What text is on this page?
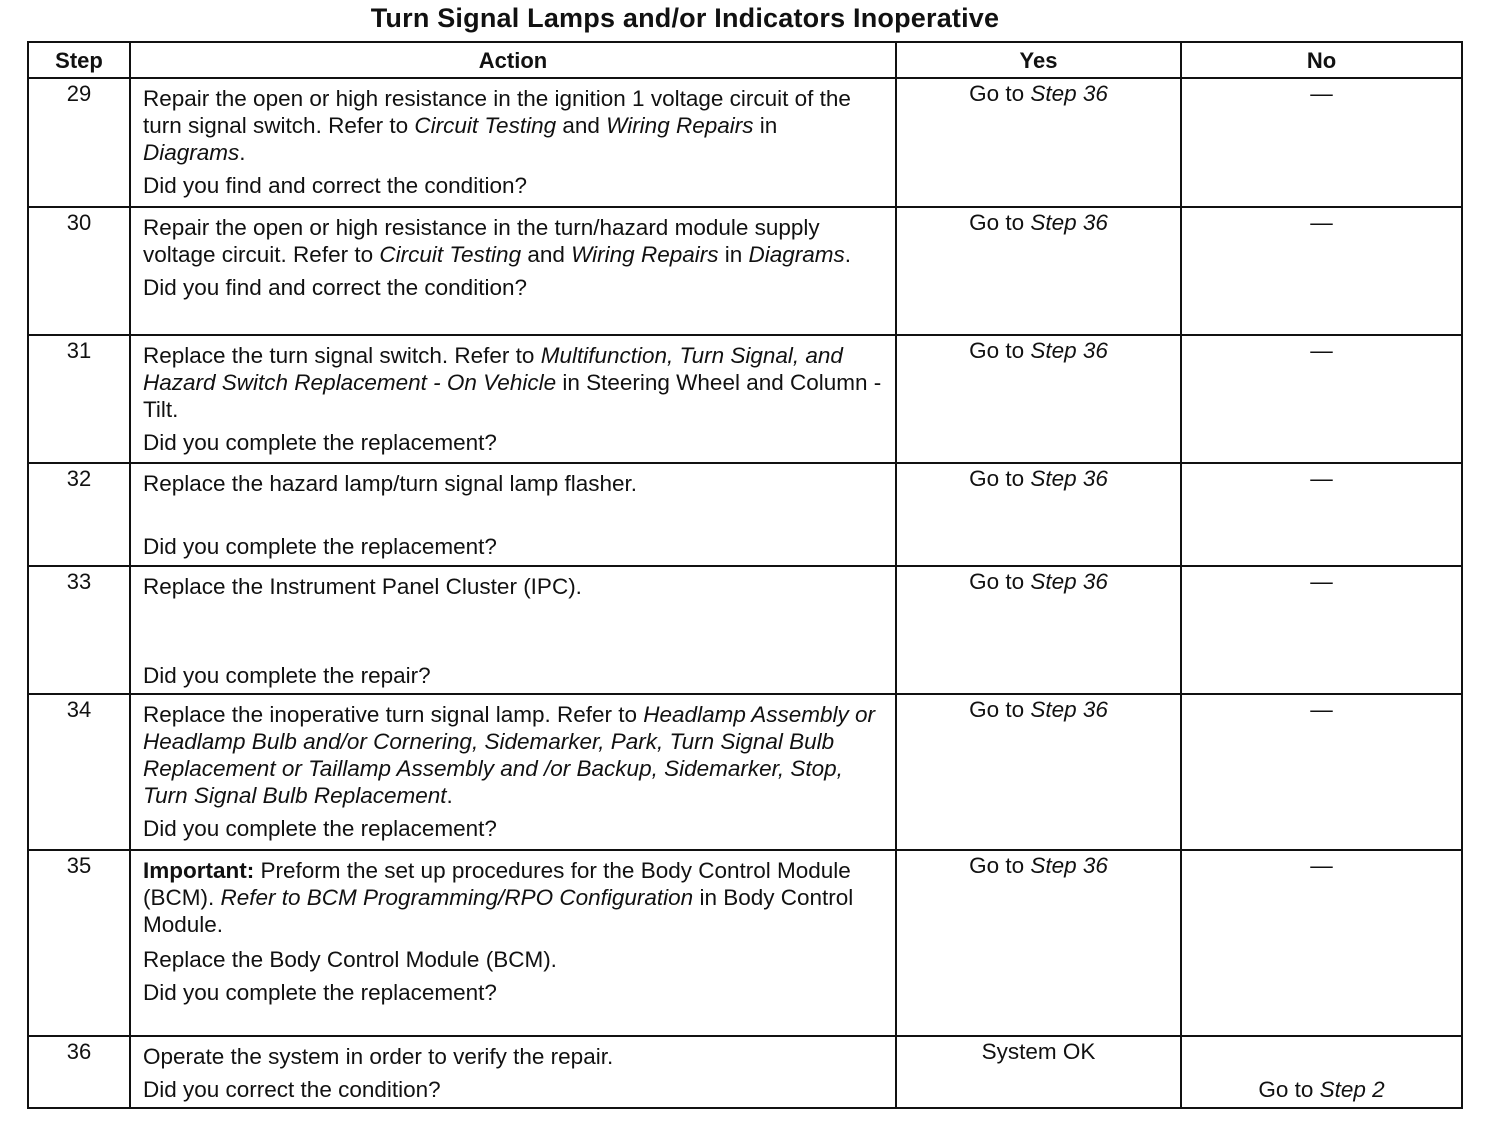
Turn Signal Lamps and/or Indicators Inoperative
Step	Action	Yes	No
29	Repair the open or high resistance in the ignition 1 voltage circuit of the turn signal switch. Refer to Circuit Testing and Wiring Repairs in Diagrams.

Did you find and correct the condition?	Go to Step 36	—
30	Repair the open or high resistance in the turn/hazard module supply voltage circuit. Refer to Circuit Testing and Wiring Repairs in Diagrams.

Did you find and correct the condition?	Go to Step 36	—
31	Replace the turn signal switch. Refer to Multifunction, Turn Signal, and Hazard Switch Replacement - On Vehicle in Steering Wheel and Column - Tilt.

Did you complete the replacement?	Go to Step 36	—
32	Replace the hazard lamp/turn signal lamp flasher.

Did you complete the replacement?	Go to Step 36	—
33	Replace the Instrument Panel Cluster (IPC).

Did you complete the repair?	Go to Step 36	—
34	Replace the inoperative turn signal lamp. Refer to Headlamp Assembly or Headlamp Bulb and/or Cornering, Sidemarker, Park, Turn Signal Bulb Replacement or Taillamp Assembly and /or Backup, Sidemarker, Stop, Turn Signal Bulb Replacement.

Did you complete the replacement?	Go to Step 36	—
35	Important: Preform the set up procedures for the Body Control Module (BCM). Refer to BCM Programming/RPO Configuration in Body Control Module.

Replace the Body Control Module (BCM).

Did you complete the replacement?	Go to Step 36	—
36	Operate the system in order to verify the repair.

Did you correct the condition?	System OK	Go to Step 2
